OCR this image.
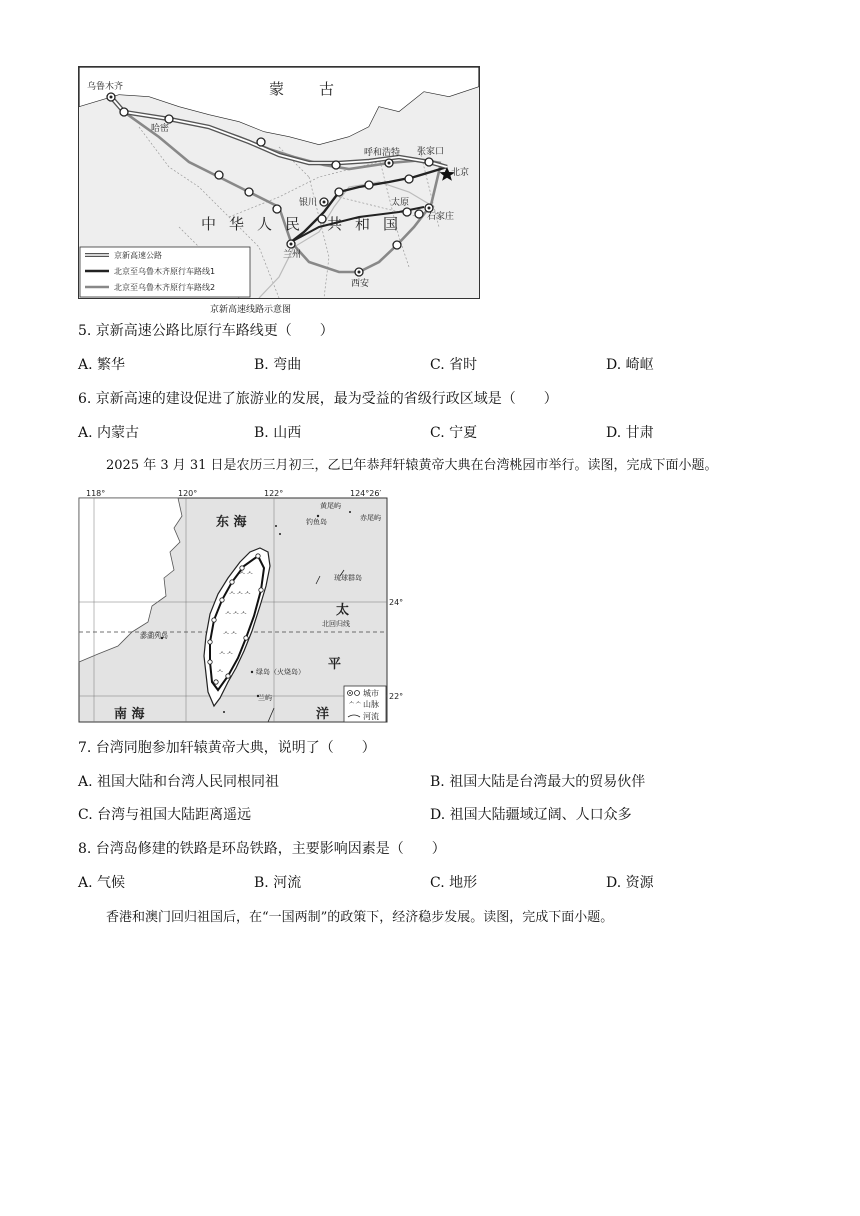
乌鲁木齐
哈密
呼和浩特 张家口
北京
银川	太原
石家庄
兰州
西安
蒙 古
中 华 人 民 共 和 国
京新高速公路
北京至乌鲁木齐原行车路线1
北京至乌鲁木齐原行车路线2
京新高速线路示意图
5. 京新高速公路比原行车路线更（　　）
A. 繁华	B. 弯曲	C. 省时	D. 崎岖
6. 京新高速的建设促进了旅游业的发展，最为受益的省级行政区域是（　　）
A. 内蒙古	B. 山西	C. 宁夏	D. 甘肃
2025 年 3 月 31 日是农历三月初三，乙巳年恭拜轩辕黄帝大典在台湾桃园市举行。读图，完成下面小题。
118°	120°	122°	124°26′
ᄉᄉ
ᄉᄉᄉ
ᄉᄉᄉ
ᄉᄉ
ᄉᄉ
ᄉ
东 海
南 海
太
平
洋
黄尾屿
钓鱼岛	赤尾屿
琉球群岛
北回归线
澎湖列岛
绿岛（火烧岛）
兰屿
24°
22°
ᄉᄉ
城市
山脉
河流
7. 台湾同胞参加轩辕黄帝大典，说明了（　　）
A. 祖国大陆和台湾人民同根同祖	B. 祖国大陆是台湾最大的贸易伙伴
C. 台湾与祖国大陆距离遥远	D. 祖国大陆疆域辽阔、人口众多
8. 台湾岛修建的铁路是环岛铁路，主要影响因素是（　　）
A. 气候	B. 河流	C. 地形	D. 资源
香港和澳门回归祖国后，在“一国两制”的政策下，经济稳步发展。读图，完成下面小题。
